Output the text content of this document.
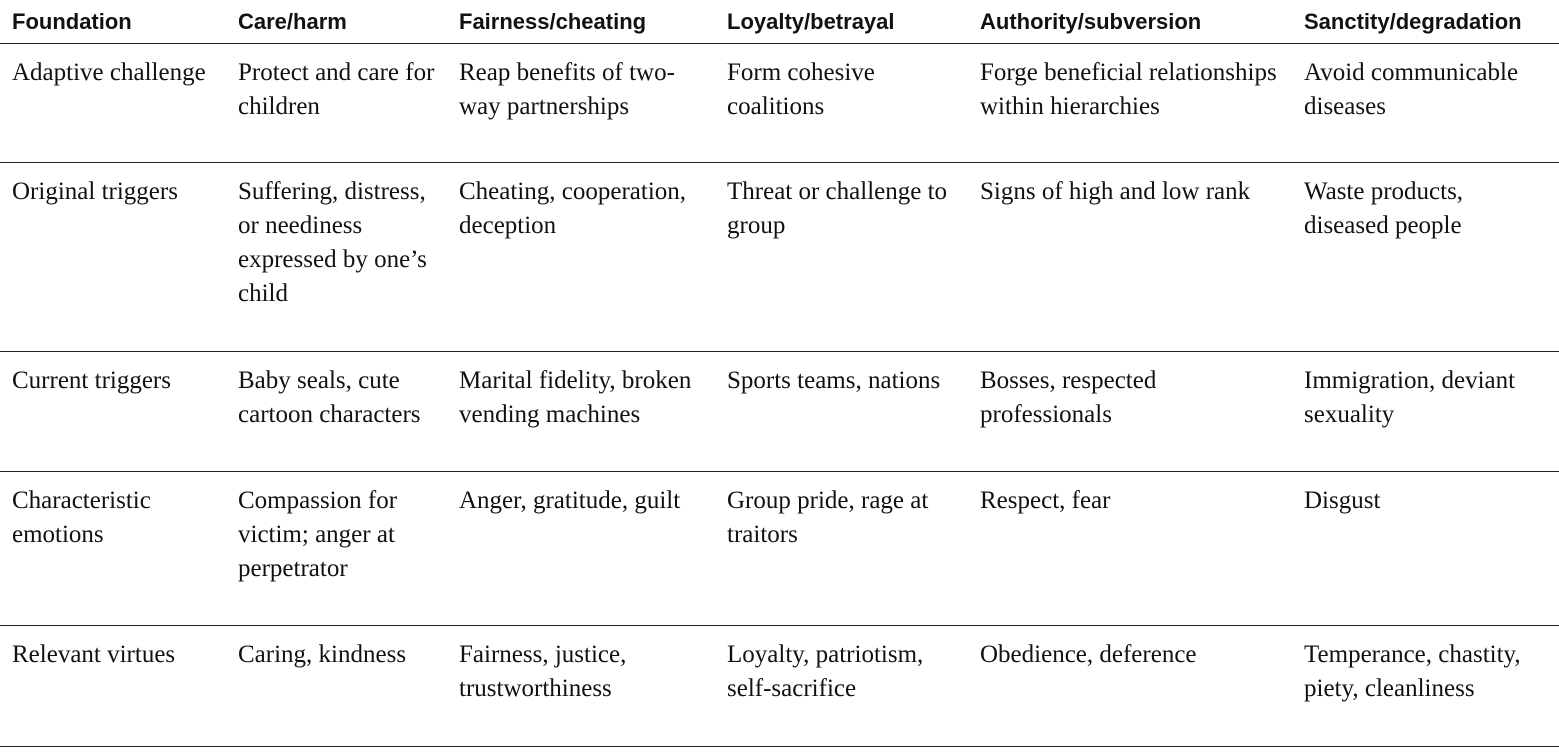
Foundation	Care/harm	Fairness/cheating	Loyalty/betrayal	Authority/subversion	Sanctity/degradation
Adaptive challenge	Protect and care for children	Reap benefits of two-way partnerships	Form cohesive coalitions	Forge beneficial relationships within hierarchies	Avoid communicable diseases
Original triggers	Suffering, distress, or neediness expressed by one’s child	Cheating, cooperation, deception	Threat or challenge to group	Signs of high and low rank	Waste products, diseased people
Current triggers	Baby seals, cute cartoon characters	Marital fidelity, broken vending machines	Sports teams, nations	Bosses, respected professionals	Immigration, deviant sexuality
Characteristic emotions	Compassion for victim; anger at perpetrator	Anger, gratitude, guilt	Group pride, rage at traitors	Respect, fear	Disgust
Relevant virtues	Caring, kindness	Fairness, justice, trustworthiness	Loyalty, patriotism, self-sacrifice	Obedience, deference	Temperance, chastity, piety, cleanliness
